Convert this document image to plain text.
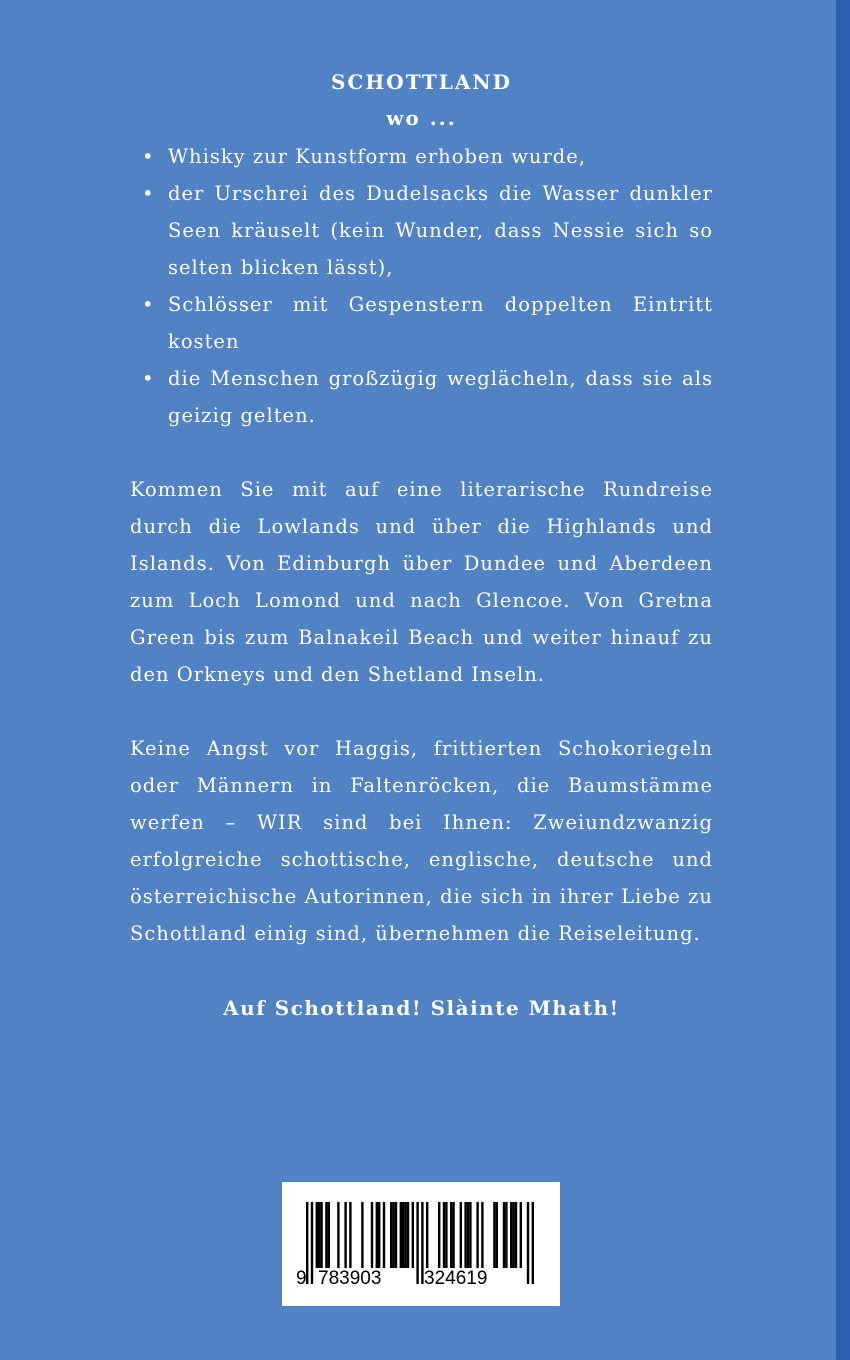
SCHOTTLAND
wo ...
• Whisky zur Kunstform erhoben wurde,
• der Urschrei des Dudelsacks die Wasser dunkler Seen kräuselt (kein Wunder, dass Nessie sich so selten blicken lässt),
• Schlösser mit Gespenstern doppelten Eintritt kosten
• die Menschen großzügig weglächeln, dass sie als geizig gelten.

Kommen Sie mit auf eine literarische Rundreise durch die Lowlands und über die Highlands und Islands. Von Edinburgh über Dundee und Aberdeen zum Loch Lomond und nach Glencoe. Von Gretna Green bis zum Balnakeil Beach und weiter hinauf zu den Orkneys und den Shetland Inseln.

Keine Angst vor Haggis, frittierten Schokoriegeln oder Männern in Faltenröcken, die Baumstämme werfen – WIR sind bei Ihnen: Zweiundzwanzig erfolgreiche schottische, englische, deutsche und österreichische Autorinnen, die sich in ihrer Liebe zu Schottland einig sind, übernehmen die Reiseleitung.

Auf Schottland! Slàinte Mhath!

9 783903 324619
